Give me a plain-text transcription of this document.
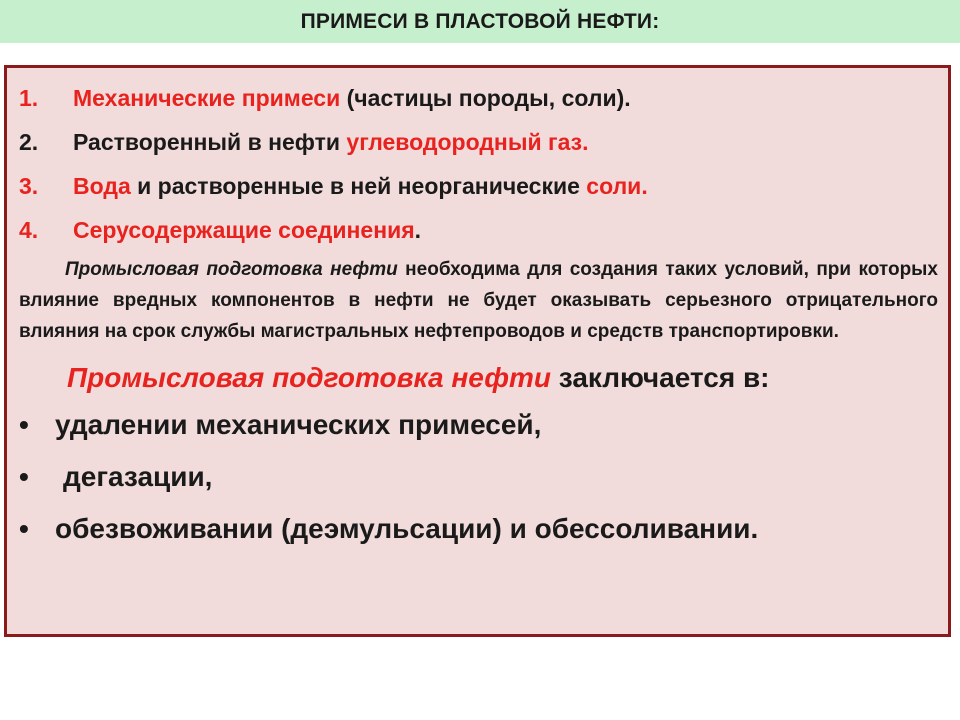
ПРИМЕСИ В ПЛАСТОВОЙ НЕФТИ:
1.	Механические примеси (частицы породы, соли).
2.	Растворенный в нефти углеводородный газ.
3.	Вода и растворенные в ней неорганические соли.
4.	Серусодержащие соединения.

Промысловая подготовка нефти необходима для создания таких условий, при которых влияние вредных компонентов в нефти не будет оказывать серьезного отрицательного влияния на срок службы магистральных нефтепроводов и средств транспортировки.

Промысловая подготовка нефти заключается в:

• удалении механических примесей,
•	дегазации,
• обезвоживании (деэмульсации) и обессоливании.
